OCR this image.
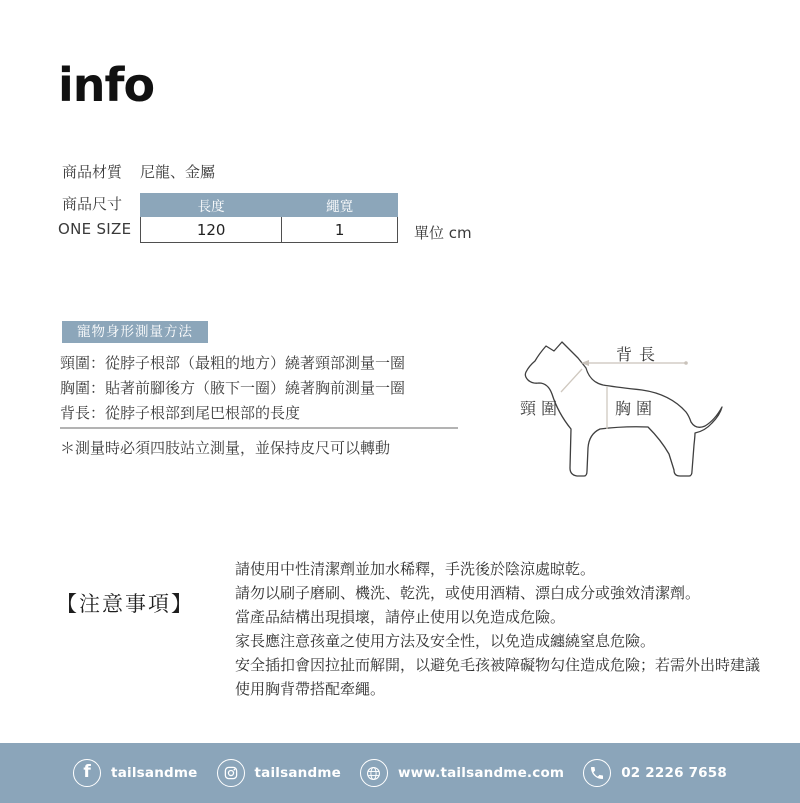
info
商品材質 尼龍、金屬
商品尺寸
ONE SIZE
長度	繩寬
120	1	單位 cm
寵物身形測量方法
頸圍：從脖子根部（最粗的地方）繞著頸部測量一圈
胸圍：貼著前腳後方（腋下一圈）繞著胸前測量一圈
背長：從脖子根部到尾巴根部的長度
＊測量時必須四肢站立測量，並保持皮尺可以轉動
背長
頸圍	胸圍
【注意事項】
請使用中性清潔劑並加水稀釋，手洗後於陰涼處晾乾。
請勿以刷子磨刷、機洗、乾洗，或使用酒精、漂白成分或強效清潔劑。
當產品結構出現損壞，請停止使用以免造成危險。
家長應注意孩童之使用方法及安全性，以免造成纏繞窒息危險。
安全插扣會因拉扯而解開，以避免毛孩被障礙物勾住造成危險；若需外出時建議
使用胸背帶搭配牽繩。
f tailsandme	tailsandme	www.tailsandme.com	02 2226 7658
